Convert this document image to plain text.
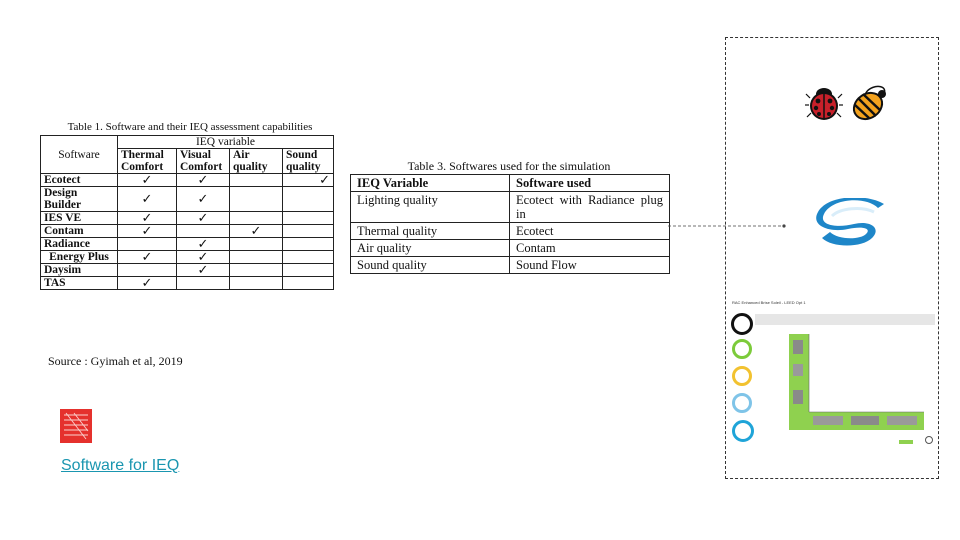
Table 1. Software and their IEQ assessment capabilities
Software	IEQ variable			
	Thermal Comfort	Visual Comfort	Air quality	Sound quality
Ecotect	✓	✓		✓
Design Builder	✓	✓		
IES VE	✓	✓		
Contam	✓		✓	
Radiance		✓		
Energy Plus	✓	✓		
Daysim		✓		
TAS	✓			
Source : Gyimah et al, 2019
Table 3. Softwares used for the simulation
IEQ Variable	Software used
Lighting quality	Ecotect with Radiance plug in
Thermal quality	Ecotect
Air quality	Contam
Sound quality	Sound Flow
RAC Enhanced Brise Soleil - LEED Opt 1
Software for IEQ
